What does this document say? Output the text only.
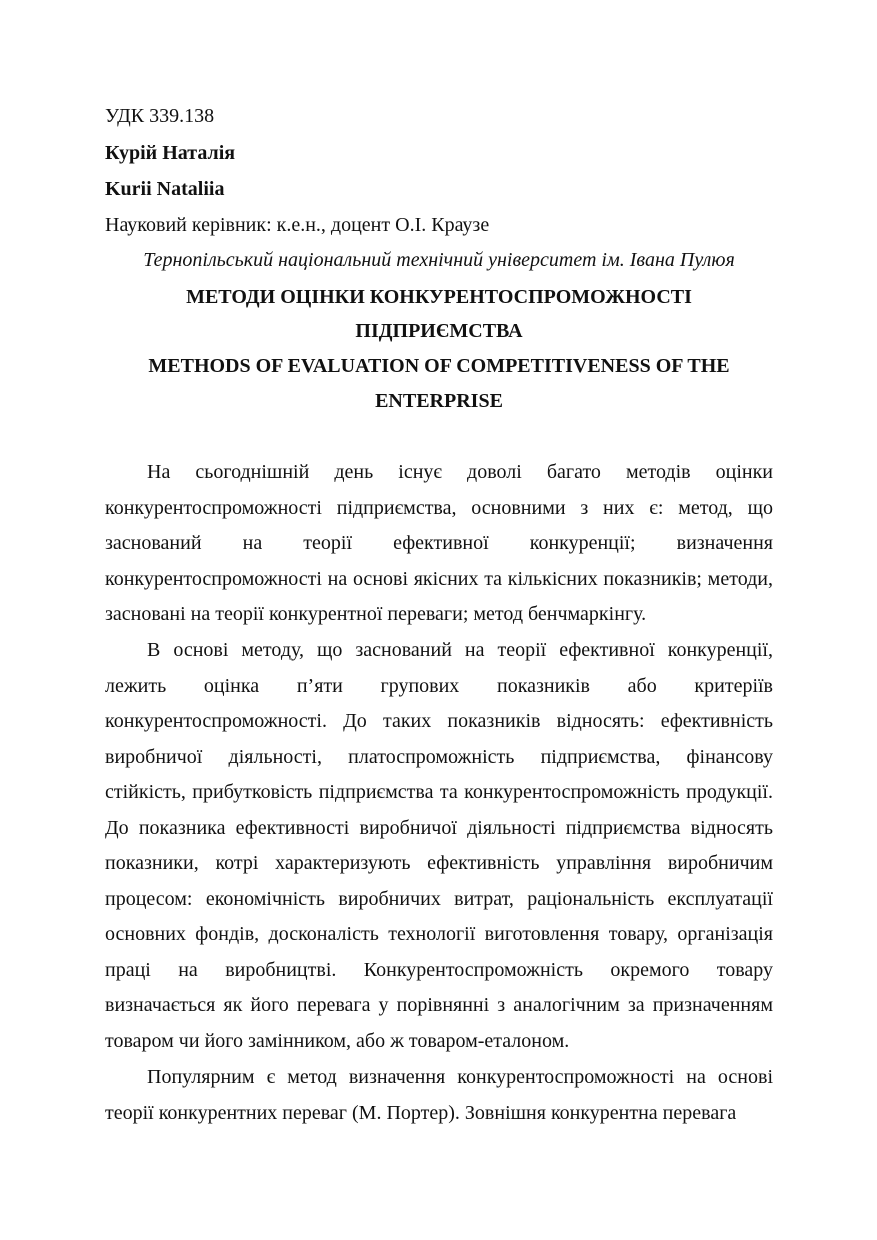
УДК 339.138
Курій Наталія
Kurii Nataliia
Науковий керівник: к.е.н., доцент О.І. Краузе
Тернопільський національний технічний університет ім. Івана Пулюя
МЕТОДИ ОЦІНКИ КОНКУРЕНТОСПРОМОЖНОСТІ
ПІДПРИЄМСТВА
METHODS OF EVALUATION OF COMPETITIVENESS OF THE
ENTERPRISE

На сьогоднішній день існує доволі багато методів оцінки конкурентоспроможності підприємства, основними з них є: метод, що заснований на теорії ефективної конкуренції; визначення конкурентоспроможності на основі якісних та кількісних показників; методи, засновані на теорії конкурентної переваги; метод бенчмаркінгу.

В основі методу, що заснований на теорії ефективної конкуренції, лежить оцінка п’яти групових показників або критеріїв конкурентоспроможності. До таких показників відносять: ефективність виробничої діяльності, платоспроможність підприємства, фінансову стійкість, прибутковість підприємства та конкурентоспроможність продукції. До показника ефективності виробничої діяльності підприємства відносять показники, котрі характеризують ефективність управління виробничим процесом: економічність виробничих витрат, раціональність експлуатації основних фондів, досконалість технології виготовлення товару, організація праці на виробництві. Конкурентоспроможність окремого товару визначається як його перевага у порівнянні з аналогічним за призначенням товаром чи його замінником, або ж товаром-еталоном.

Популярним є метод визначення конкурентоспроможності на основі теорії конкурентних переваг (М. Портер). Зовнішня конкурентна перевага
